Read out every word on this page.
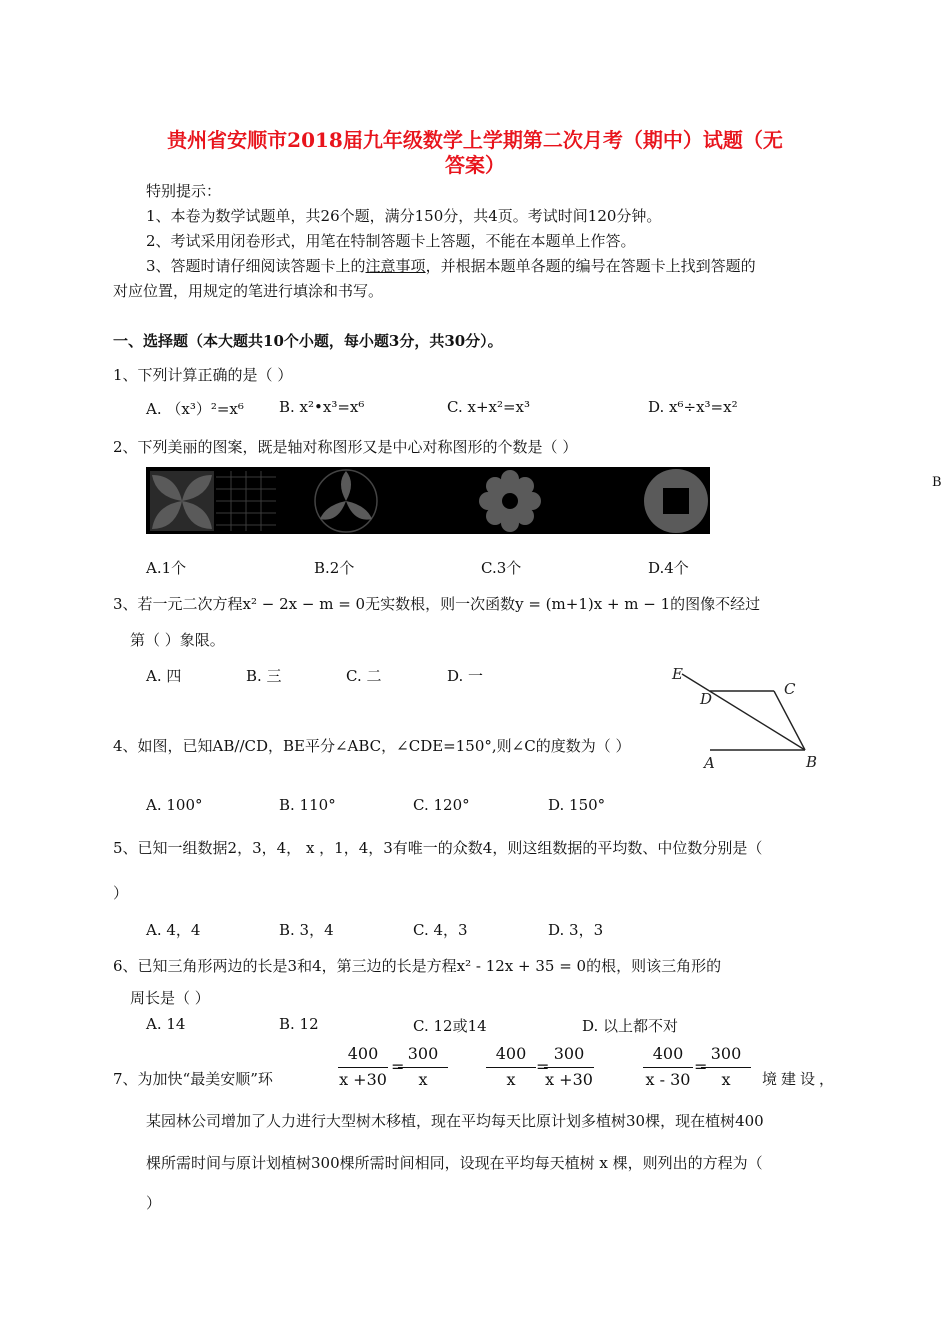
贵州省安顺市2018届九年级数学上学期第二次月考（期中）试题（无
答案）
特别提示：
1、本卷为数学试题单，共26个题，满分150分，共4页。考试时间120分钟。
2、考试采用闭卷形式，用笔在特制答题卡上答题，不能在本题单上作答。
3、答题时请仔细阅读答题卡上的注意事项，并根据本题单各题的编号在答题卡上找到答题的
对应位置，用规定的笔进行填涂和书写。
一、选择题（本大题共10个小题，每小题3分，共30分）。
1、下列计算正确的是（ ）
A. （x³）²=x⁶ B. x²•x³=x⁶	C. x+x²=x³	D. x⁶÷x³=x²
2、下列美丽的图案，既是轴对称图形又是中心对称图形的个数是（ ）
B
A.1个	B.2个	C.3个	D.4个
3、若一元二次方程x² − 2x − m = 0无实数根，则一次函数y = (m+1)x + m − 1的图像不经过
第（ ）象限。
A. 四	B. 三	C. 二	D. 一	E
D
C
A	B
4、如图，已知AB//CD，BE平分∠ABC，∠CDE=150°,则∠C的度数为（ ）
A. 100°	B. 110°	C. 120°	D. 150°
5、已知一组数据2，3，4， x ，1，4，3有唯一的众数4，则这组数据的平均数、中位数分别是（
）
A. 4，4	B. 3，4	C. 4，3	D. 3，3
6、已知三角形两边的长是3和4，第三边的长是方程x² - 12x + 35 = 0的根，则该三角形的
周长是（ ）
A. 14	B. 12	C. 12或14	D. 以上都不对
7、为加快“最美安顺”环
400
x +30
=
300
x
400
x
=
300
x +30
400
x - 30
=
300
x	境建设，
某园林公司增加了人力进行大型树木移植，现在平均每天比原计划多植树30棵，现在植树400
棵所需时间与原计划植树300棵所需时间相同，设现在平均每天植树 x 棵，则列出的方程为（
）
